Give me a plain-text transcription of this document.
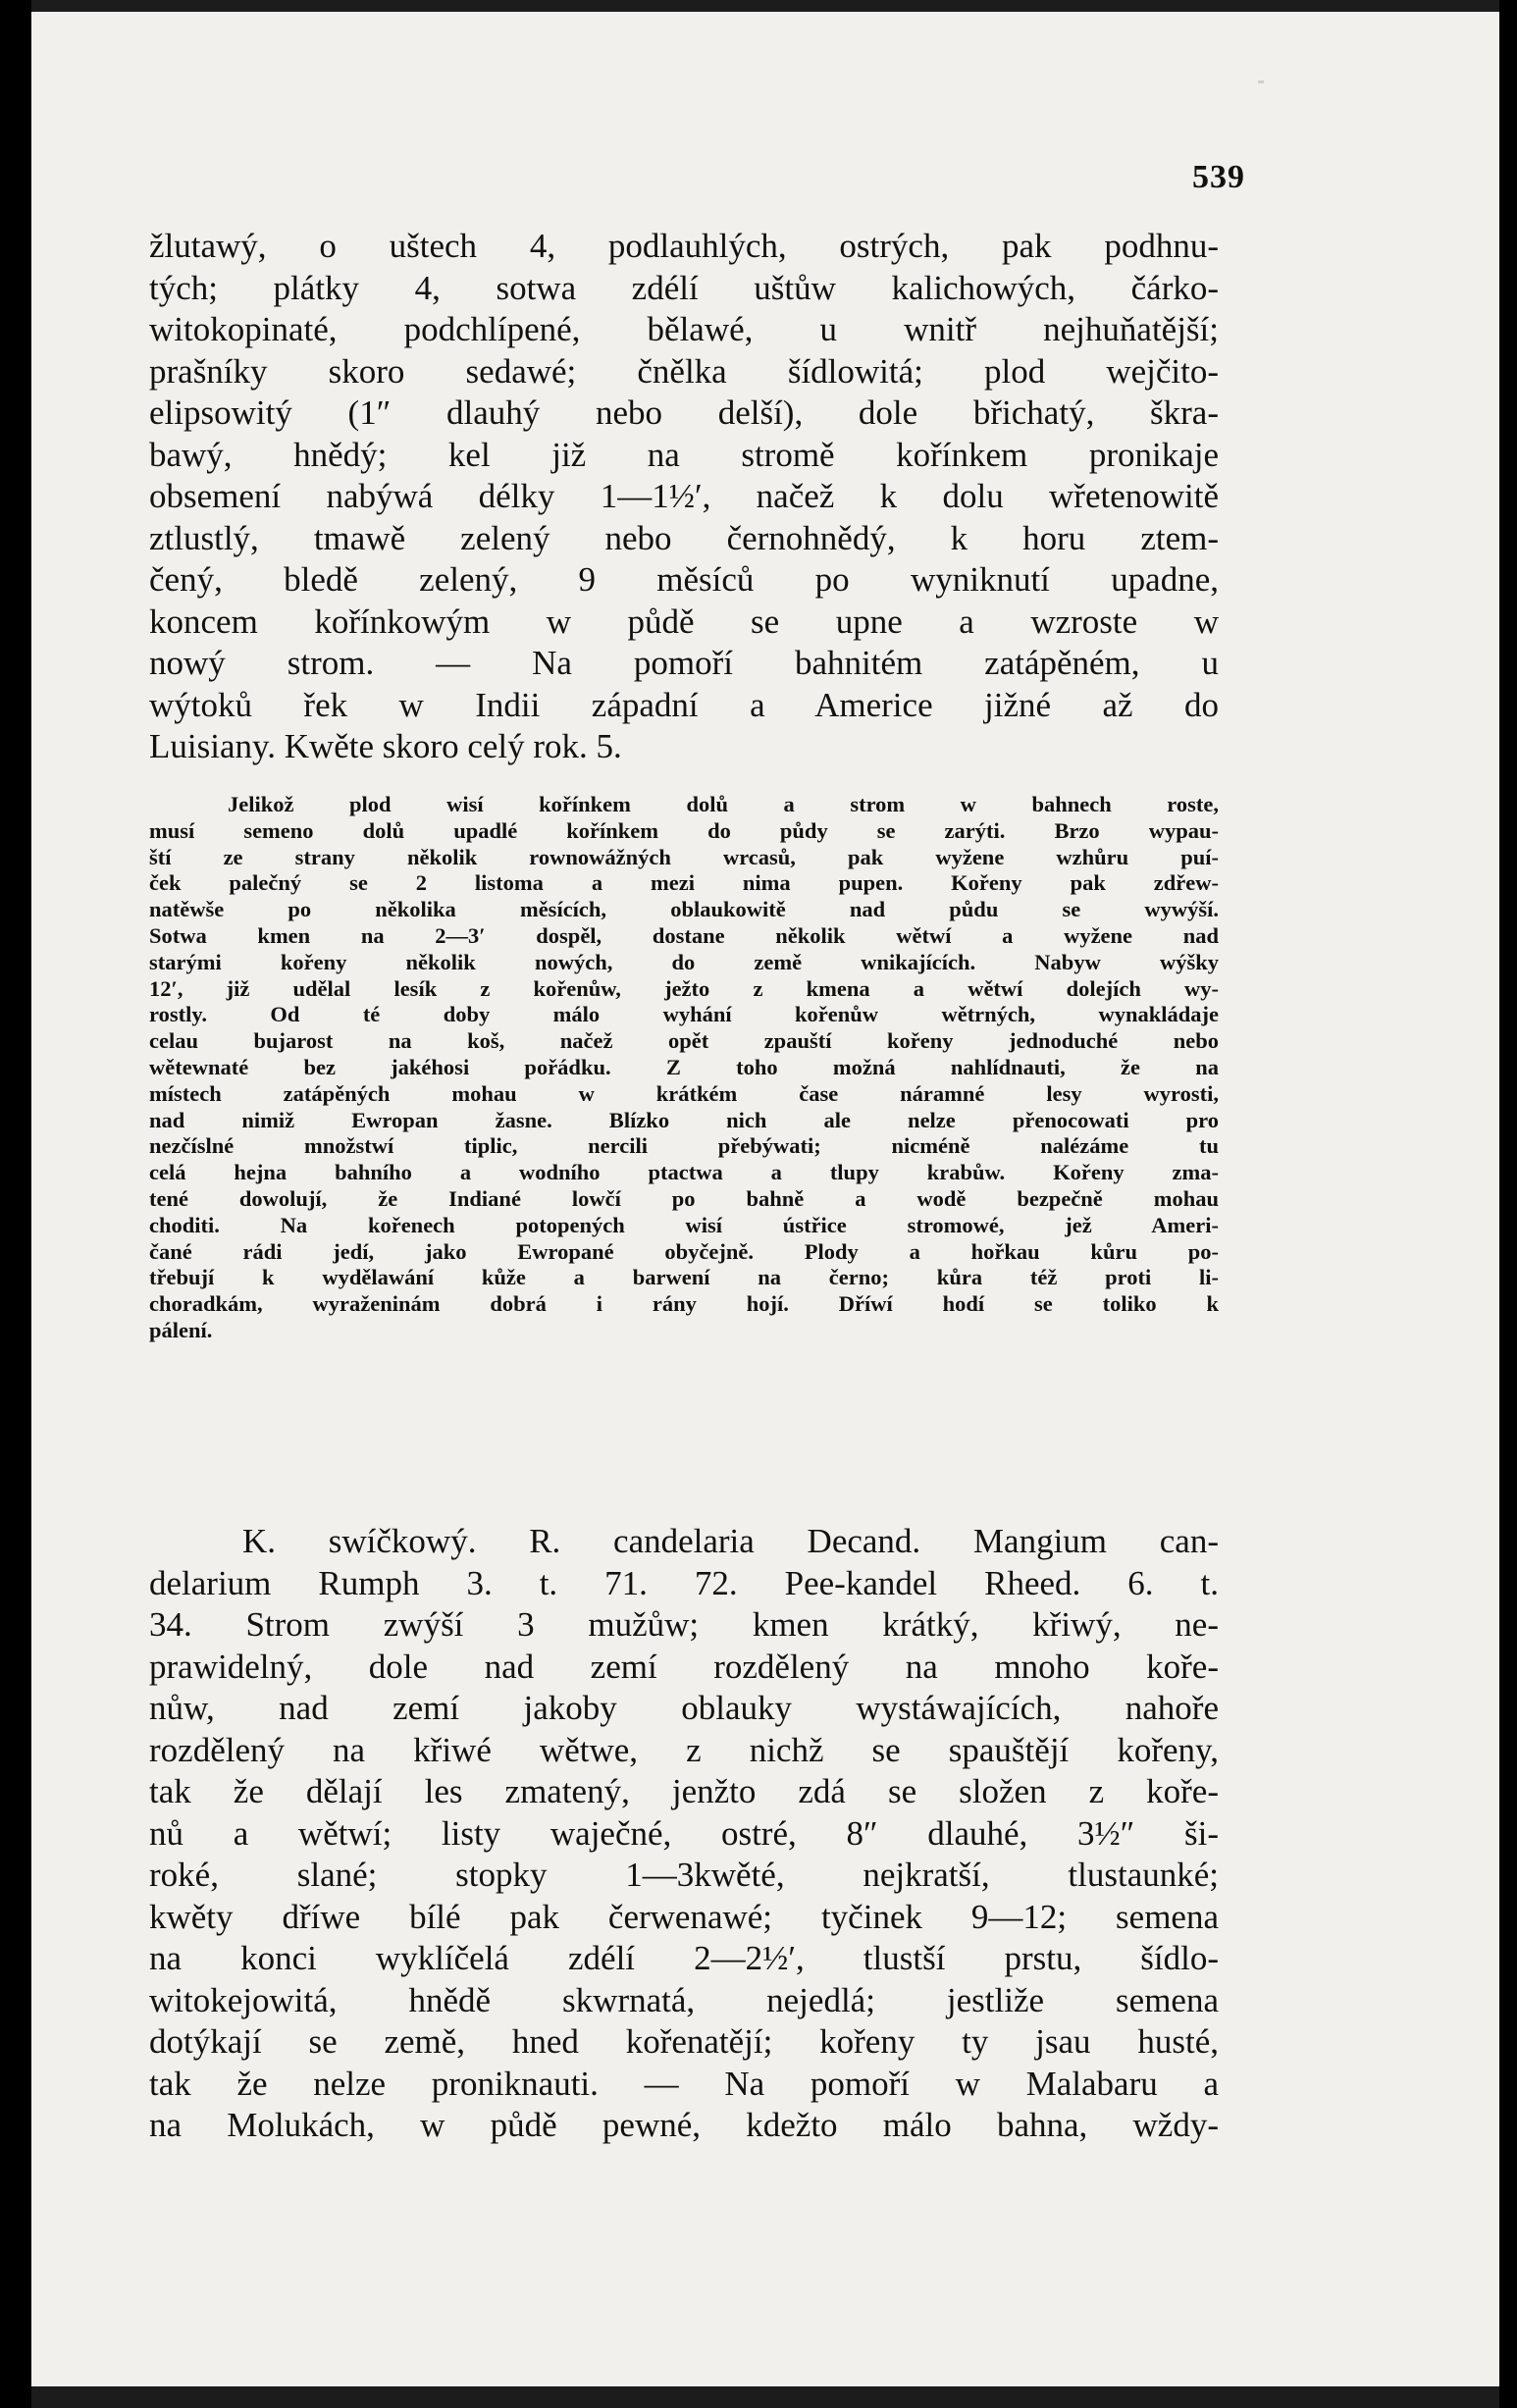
539
žlutawý, o uštech 4, podlauhlých, ostrých, pak podhnu-
tých; plátky 4, sotwa zdélí uštůw kalichowých, čárko-
witokopinaté, podchlípené, bělawé, u wnitř nejhuňatější;
prašníky skoro sedawé; čnělka šídlowitá; plod wejčito-
elipsowitý (1″ dlauhý nebo delší), dole břichatý, škra-
bawý, hnědý; kel již na stromě kořínkem pronikaje
obsemení nabýwá délky 1—1½′, načež k dolu wřetenowitě
ztlustlý, tmawě zelený nebo černohnědý, k horu ztem-
čený, bledě zelený, 9 měsíců po wyniknutí upadne,
koncem kořínkowým w půdě se upne a wzroste w
nowý strom. — Na pomoří bahnitém zatápěném, u
wýtoků řek w Indii západní a Americe jižné až do
Luisiany. Kwěte skoro celý rok. 5.
Jelikož plod wisí kořínkem dolů a strom w bahnech roste,
musí semeno dolů upadlé kořínkem do půdy se zarýti. Brzo wypau-
ští ze strany několik rownowážných wrcasů, pak wyžene wzhůru puí-
ček palečný se 2 listoma a mezi nima pupen. Kořeny pak zdřew-
natěwše po několika měsících, oblaukowitě nad půdu se wywýší.
Sotwa kmen na 2—3′ dospěl, dostane několik wětwí a wyžene nad
starými kořeny několik nowých, do země wnikajících. Nabyw wýšky
12′, již udělal lesík z kořenůw, ježto z kmena a wětwí dolejích wy-
rostly. Od té doby málo wyhání kořenůw wětrných, wynakládaje
celau bujarost na koš, načež opět zpauští kořeny jednoduché nebo
wětewnaté bez jakéhosi pořádku. Z toho možná nahlídnauti, že na
místech zatápěných mohau w krátkém čase náramné lesy wyrosti,
nad nimiž Ewropan žasne. Blízko nich ale nelze přenocowati pro
nezčíslné množstwí tiplic, nercili přebýwati; nicméně nalézáme tu
celá hejna bahního a wodního ptactwa a tlupy krabůw. Kořeny zma-
tené dowolují, že Indiané lowčí po bahně a wodě bezpečně mohau
choditi. Na kořenech potopených wisí ústřice stromowé, jež Ameri-
čané rádi jedí, jako Ewropané obyčejně. Plody a hořkau kůru po-
třebují k wydělawání kůže a barwení na černo; kůra též proti li-
choradkám, wyraženinám dobrá i rány hojí. Dříwí hodí se toliko k
pálení.
K. swíčkowý. R. candelaria Decand. Mangium can-
delarium Rumph 3. t. 71. 72. Pee-kandel Rheed. 6. t.
34. Strom zwýší 3 mužůw; kmen krátký, křiwý, ne-
prawidelný, dole nad zemí rozdělený na mnoho koře-
nůw, nad zemí jakoby oblauky wystáwajících, nahoře
rozdělený na křiwé wětwe, z nichž se spauštějí kořeny,
tak že dělají les zmatený, jenžto zdá se složen z koře-
nů a wětwí; listy waječné, ostré, 8″ dlauhé, 3½″ ši-
roké, slané; stopky 1—3kwěté, nejkratší, tlustaunké;
kwěty dříwe bílé pak čerwenawé; tyčinek 9—12; semena
na konci wyklíčelá zdélí 2—2½′, tlustší prstu, šídlo-
witokejowitá, hnědě skwrnatá, nejedlá; jestliže semena
dotýkají se země, hned kořenatějí; kořeny ty jsau husté,
tak že nelze proniknauti. — Na pomoří w Malabaru a
na Molukách, w půdě pewné, kdežto málo bahna, wždy-
